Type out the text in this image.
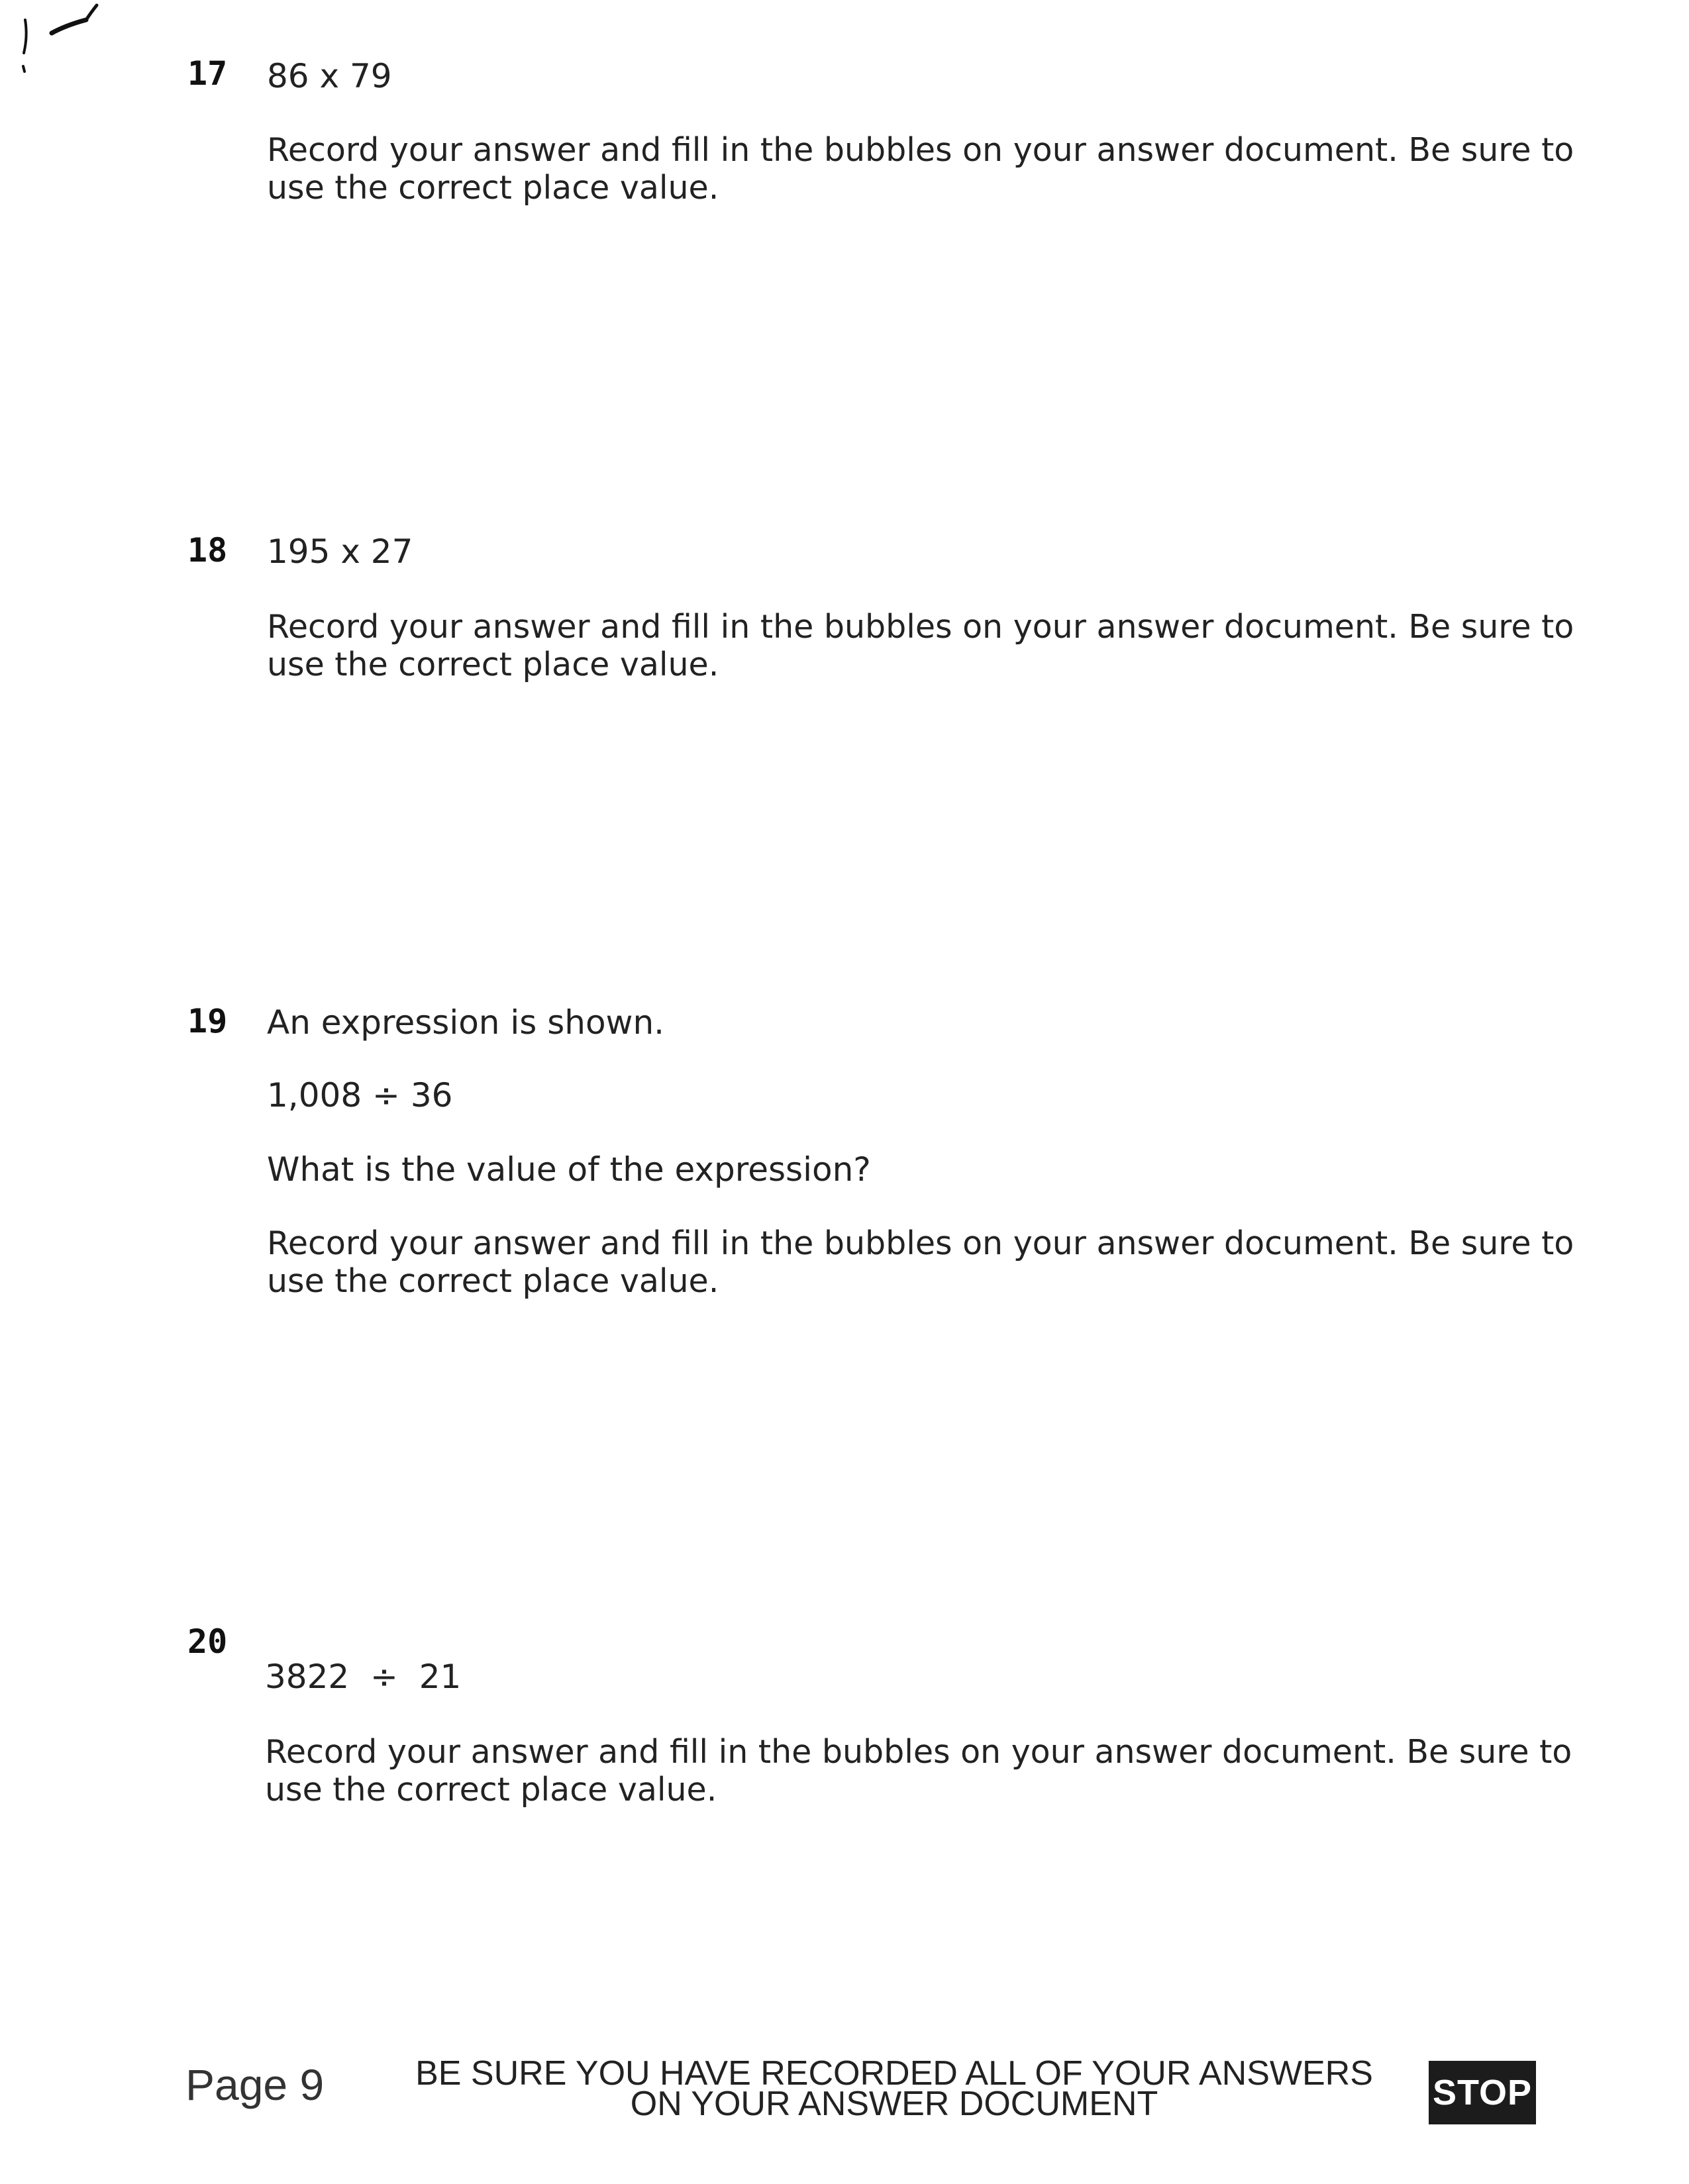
17 86 x 79
Record your answer and fill in the bubbles on your answer document. Be sure to use the correct place value.
18 195 x 27
Record your answer and fill in the bubbles on your answer document. Be sure to use the correct place value.
19 An expression is shown.
1,008 ÷ 36
What is the value of the expression?
Record your answer and fill in the bubbles on your answer document. Be sure to use the correct place value.
20
3822  ÷  21
Record your answer and fill in the bubbles on your answer document. Be sure to use the correct place value.
Page 9	BE SURE YOU HAVE RECORDED ALL OF YOUR ANSWERS
ON YOUR ANSWER DOCUMENT	STOP
